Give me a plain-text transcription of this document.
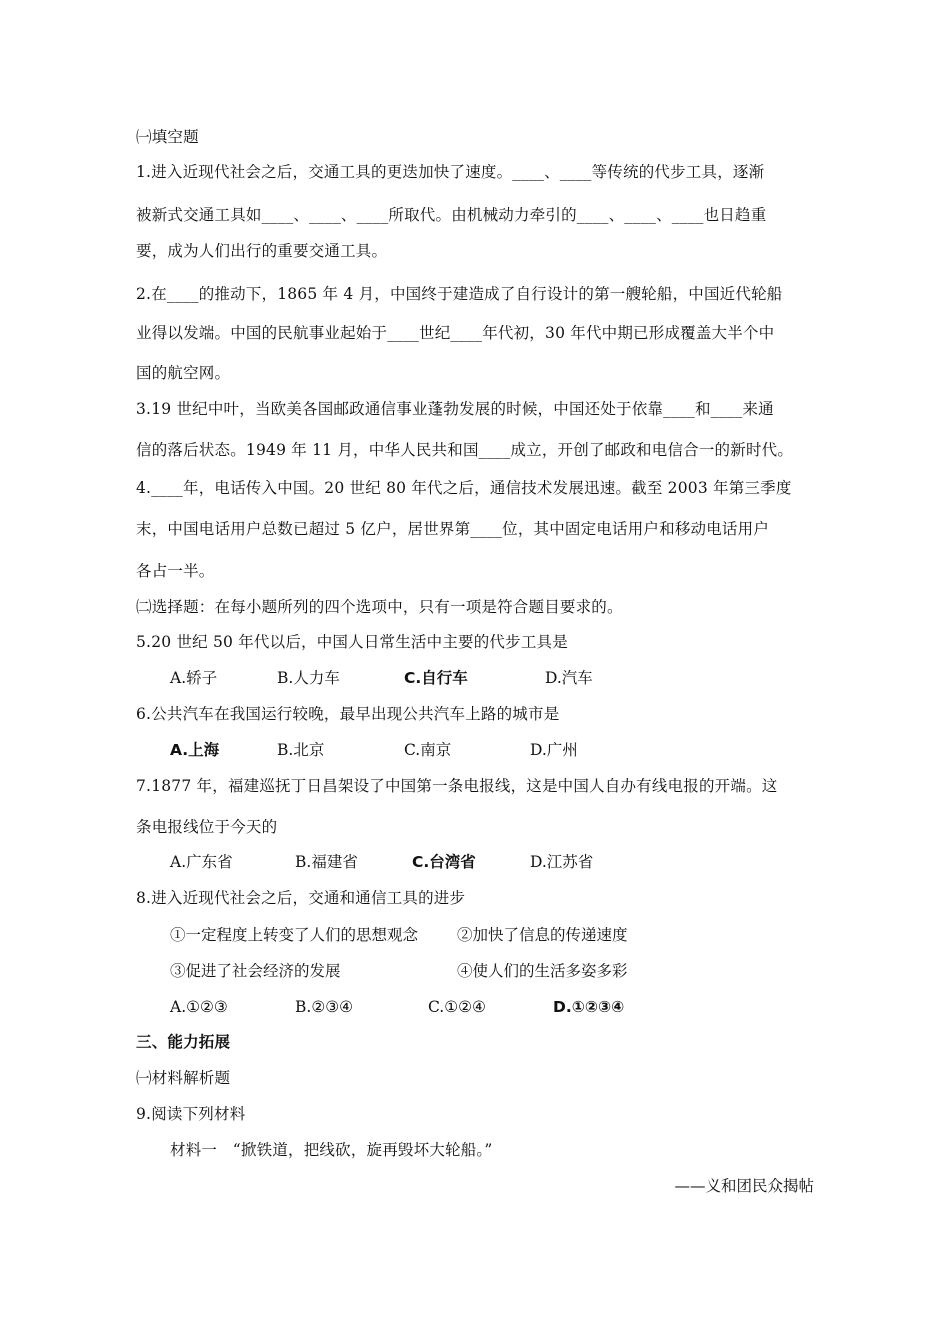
㈠填空题
1.进入近现代社会之后，交通工具的更迭加快了速度。____、____等传统的代步工具，逐渐
被新式交通工具如____、____、____所取代。由机械动力牵引的____、____、____也日趋重
要，成为人们出行的重要交通工具。
2.在____的推动下，1865 年 4 月，中国终于建造成了自行设计的第一艘轮船，中国近代轮船
业得以发端。中国的民航事业起始于____世纪____年代初，30 年代中期已形成覆盖大半个中
国的航空网。
3.19 世纪中叶，当欧美各国邮政通信事业蓬勃发展的时候，中国还处于依靠____和____来通
信的落后状态。1949 年 11 月，中华人民共和国____成立，开创了邮政和电信合一的新时代。
4.____年，电话传入中国。20 世纪 80 年代之后，通信技术发展迅速。截至 2003 年第三季度
末，中国电话用户总数已超过 5 亿户，居世界第____位，其中固定电话用户和移动电话用户
各占一半。
㈡选择题：在每小题所列的四个选项中，只有一项是符合题目要求的。
5.20 世纪 50 年代以后，中国人日常生活中主要的代步工具是
A.轿子	B.人力车	C.自行车	D.汽车
6.公共汽车在我国运行较晚，最早出现公共汽车上路的城市是
A.上海	B.北京	C.南京	D.广州
7.1877 年，福建巡抚丁日昌架设了中国第一条电报线，这是中国人自办有线电报的开端。这
条电报线位于今天的
A.广东省	B.福建省	C.台湾省	D.江苏省
8.进入近现代社会之后，交通和通信工具的进步
①一定程度上转变了人们的思想观念	②加快了信息的传递速度
③促进了社会经济的发展	④使人们的生活多姿多彩
A.①②③	B.②③④	C.①②④	D.①②③④
三、能力拓展
㈠材料解析题
9.阅读下列材料
材料一　“掀铁道，把线砍，旋再毁坏大轮船。”
——义和团民众揭帖
